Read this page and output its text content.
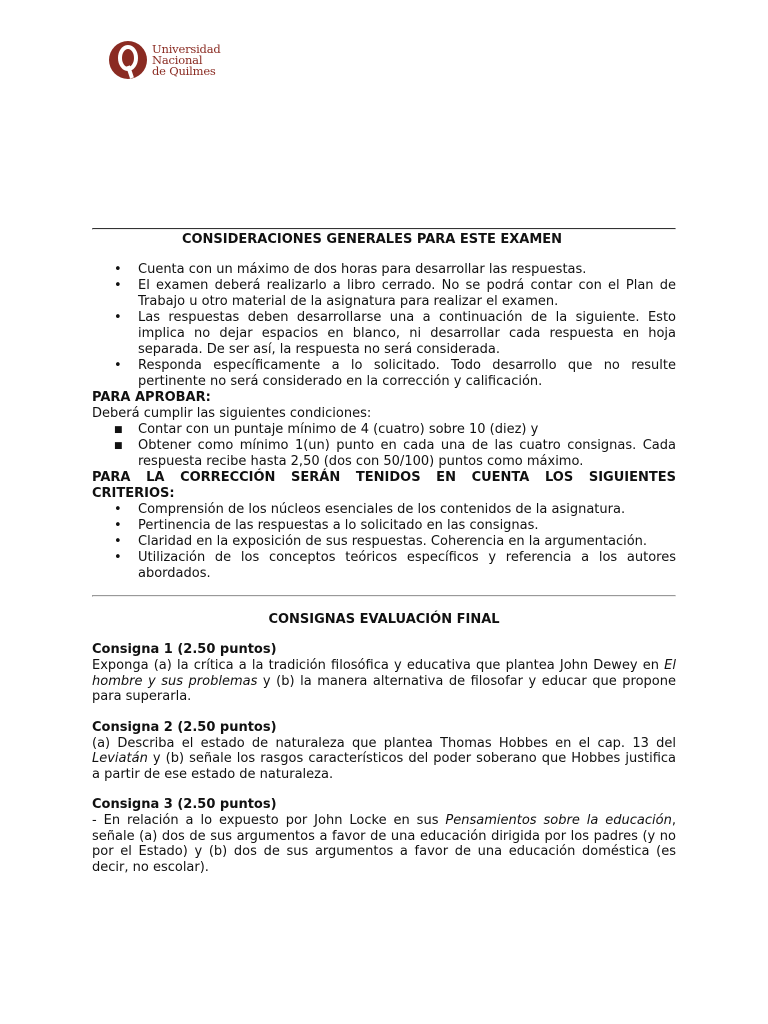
Universidad
Nacional
de Quilmes
CONSIDERACIONES GENERALES PARA ESTE EXAMEN
• Cuenta con un máximo de dos horas para desarrollar las respuestas.
• El examen deberá realizarlo a libro cerrado. No se podrá contar con el Plan de Trabajo u otro material de la asignatura para realizar el examen.
• Las respuestas deben desarrollarse una a continuación de la siguiente. Esto implica no dejar espacios en blanco, ni desarrollar cada respuesta en hoja separada. De ser así, la respuesta no será considerada.
• Responda específicamente a lo solicitado. Todo desarrollo que no resulte pertinente no será considerado en la corrección y calificación.

PARA APROBAR:

Deberá cumplir las siguientes condiciones:

■ Contar con un puntaje mínimo de 4 (cuatro) sobre 10 (diez) y
■ Obtener como mínimo 1(un) punto en cada una de las cuatro consignas. Cada respuesta recibe hasta 2,50 (dos con 50/100) puntos como máximo.

PARA LA CORRECCIÓN SERÁN TENIDOS EN CUENTA LOS SIGUIENTES

CRITERIOS:

• Comprensión de los núcleos esenciales de los contenidos de la asignatura.
• Pertinencia de las respuestas a lo solicitado en las consignas.
• Claridad en la exposición de sus respuestas. Coherencia en la argumentación.
• Utilización de los conceptos teóricos específicos y referencia a los autores abordados.
CONSIGNAS EVALUACIÓN FINAL
Consigna 1 (2.50 puntos)

Exponga (a) la crítica a la tradición filosófica y educativa que plantea John Dewey en El hombre y sus problemas y (b) la manera alternativa de filosofar y educar que propone para superarla.

Consigna 2 (2.50 puntos)

(a) Describa el estado de naturaleza que plantea Thomas Hobbes en el cap. 13 del Leviatán y (b) señale los rasgos característicos del poder soberano que Hobbes justifica a partir de ese estado de naturaleza.

Consigna 3 (2.50 puntos)

- En relación a lo expuesto por John Locke en sus Pensamientos sobre la educación, señale (a) dos de sus argumentos a favor de una educación dirigida por los padres (y no por el Estado) y (b) dos de sus argumentos a favor de una educación doméstica (es decir, no escolar).
